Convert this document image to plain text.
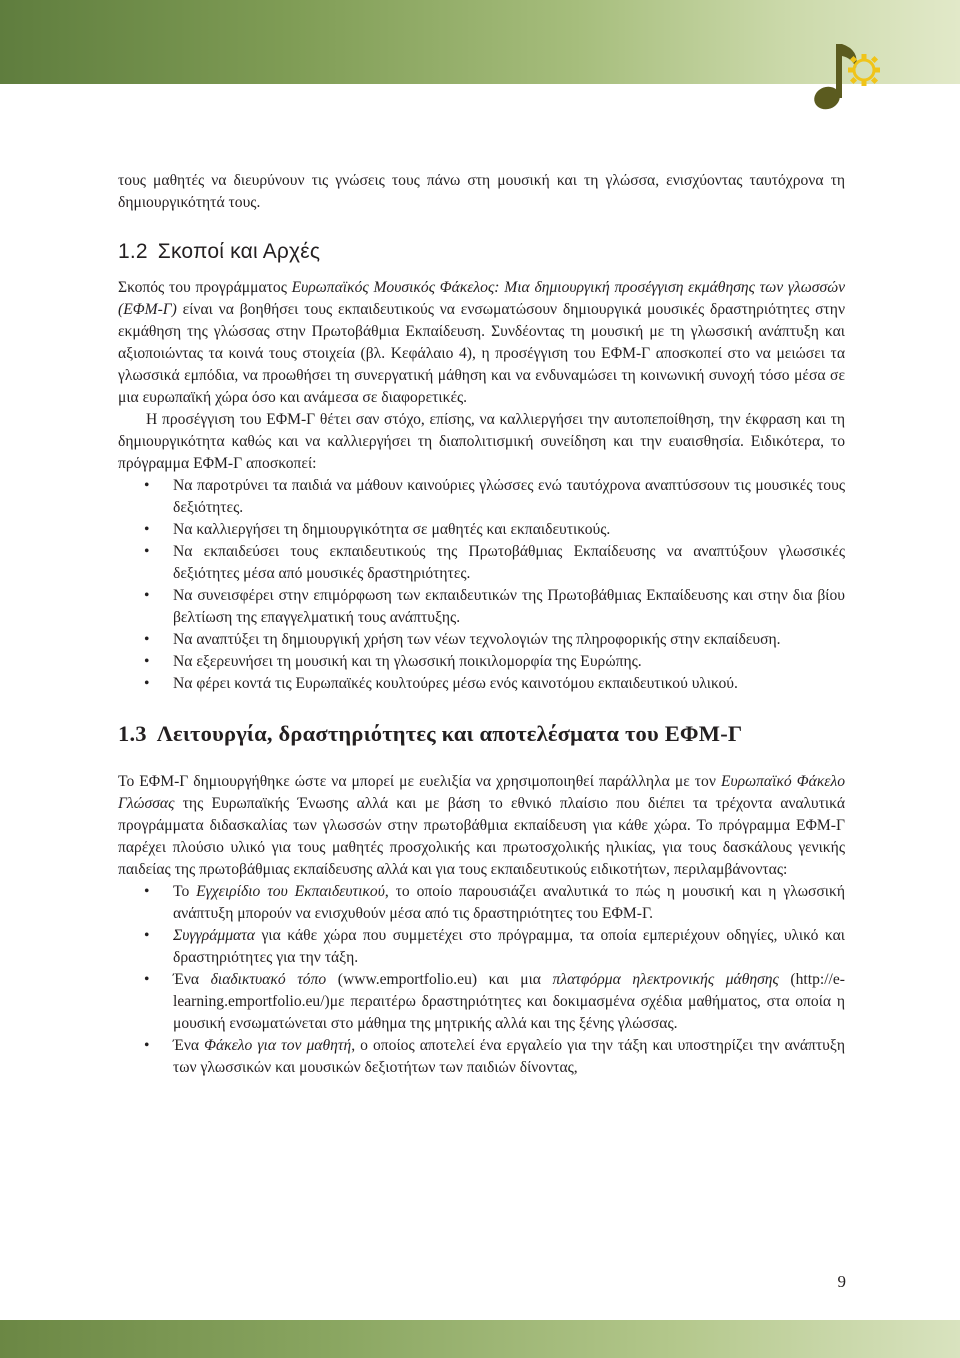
τους μαθητές να διευρύνουν τις γνώσεις τους πάνω στη μουσική και τη γλώσσα, ενισχύοντας ταυτόχρονα τη δημιουργικότητά τους.

1.2 Σκοποί και Αρχές

Σκοπός του προγράμματος Ευρωπαϊκός Μουσικός Φάκελος: Μια δημιουργική προσέγγιση εκμάθησης των γλωσσών (ΕΦΜ-Γ) είναι να βοηθήσει τους εκπαιδευτικούς να ενσωματώσουν δημιουργικά μουσικές δραστηριότητες στην εκμάθηση της γλώσσας στην Πρωτοβάθμια Εκπαίδευση. Συνδέοντας τη μουσική με τη γλωσσική ανάπτυξη και αξιοποιώντας τα κοινά τους στοιχεία (βλ. Κεφάλαιο 4), η προσέγγιση του ΕΦΜ-Γ αποσκοπεί στο να μειώσει τα γλωσσικά εμπόδια, να προωθήσει τη συνεργατική μάθηση και να ενδυναμώσει τη κοινωνική συνοχή τόσο μέσα σε μια ευρωπαϊκή χώρα όσο και ανάμεσα σε διαφορετικές.

Η προσέγγιση του ΕΦΜ-Γ θέτει σαν στόχο, επίσης, να καλλιεργήσει την αυτοπεποίθηση, την έκφραση και τη δημιουργικότητα καθώς και να καλλιεργήσει τη διαπολιτισμική συνείδηση και την ευαισθησία. Ειδικότερα, το πρόγραμμα ΕΦΜ-Γ αποσκοπεί:

• Να παροτρύνει τα παιδιά να μάθουν καινούριες γλώσσες ενώ ταυτόχρονα αναπτύσσουν τις μουσικές τους δεξιότητες.
• Να καλλιεργήσει τη δημιουργικότητα σε μαθητές και εκπαιδευτικούς.
• Να εκπαιδεύσει τους εκπαιδευτικούς της Πρωτοβάθμιας Εκπαίδευσης να αναπτύξουν γλωσσικές δεξιότητες μέσα από μουσικές δραστηριότητες.
• Να συνεισφέρει στην επιμόρφωση των εκπαιδευτικών της Πρωτοβάθμιας Εκπαίδευσης και στην δια βίου βελτίωση της επαγγελματική τους ανάπτυξης.
• Να αναπτύξει τη δημιουργική χρήση των νέων τεχνολογιών της πληροφορικής στην εκπαίδευση.
• Να εξερευνήσει τη μουσική και τη γλωσσική ποικιλομορφία της Ευρώπης.
• Να φέρει κοντά τις Ευρωπαϊκές κουλτούρες μέσω ενός καινοτόμου εκπαιδευτικού υλικού.
1.3 Λειτουργία, δραστηριότητες και αποτελέσματα του ΕΦΜ-Γ

Το ΕΦΜ-Γ δημιουργήθηκε ώστε να μπορεί με ευελιξία να χρησιμοποιηθεί παράλληλα με τον Ευρωπαϊκό Φάκελο Γλώσσας της Ευρωπαϊκής Ένωσης αλλά και με βάση το εθνικό πλαίσιο που διέπει τα τρέχοντα αναλυτικά προγράμματα διδασκαλίας των γλωσσών στην πρωτοβάθμια εκπαίδευση για κάθε χώρα. Το πρόγραμμα ΕΦΜ-Γ παρέχει πλούσιο υλικό για τους μαθητές προσχολικής και πρωτοσχολικής ηλικίας, για τους δασκάλους γενικής παιδείας της πρωτοβάθμιας εκπαίδευσης αλλά και για τους εκπαιδευτικούς ειδικοτήτων, περιλαμβάνοντας:

• Το Εγχειρίδιο του Εκπαιδευτικού, το οποίο παρουσιάζει αναλυτικά το πώς η μουσική και η γλωσσική ανάπτυξη μπορούν να ενισχυθούν μέσα από τις δραστηριότητες του ΕΦΜ-Γ.
• Συγγράμματα για κάθε χώρα που συμμετέχει στο πρόγραμμα, τα οποία εμπεριέχουν οδηγίες, υλικό και δραστηριότητες για την τάξη.
• Ένα διαδικτυακό τόπο (www.emportfolio.eu) και μια πλατφόρμα ηλεκτρονικής μάθησης (http://e-learning.emportfolio.eu/)με περαιτέρω δραστηριότητες και δοκιμασμένα σχέδια μαθήματος, στα οποία η μουσική ενσωματώνεται στο μάθημα της μητρικής αλλά και της ξένης γλώσσας.
• Ένα Φάκελο για τον μαθητή, ο οποίος αποτελεί ένα εργαλείο για την τάξη και υποστηρίζει την ανάπτυξη των γλωσσικών και μουσικών δεξιοτήτων των παιδιών δίνοντας,
9
